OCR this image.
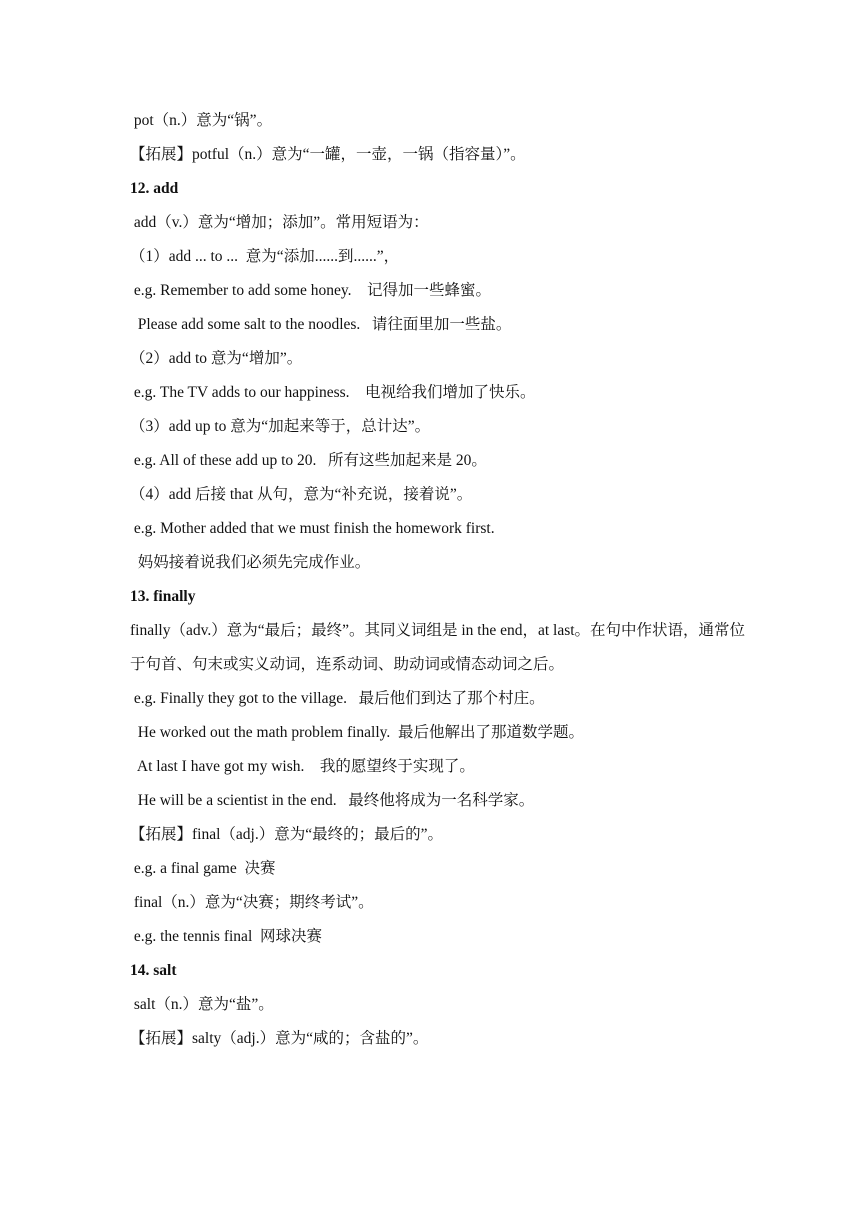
pot（n.）意为“锅”。
【拓展】potful（n.）意为“一罐，一壶，一锅（指容量）”。
12. add
add（v.）意为“增加；添加”。常用短语为：
（1）add ... to ...  意为“添加......到......”，
e.g. Remember to add some honey.    记得加一些蜂蜜。
Please add some salt to the noodles.   请往面里加一些盐。
（2）add to 意为“增加”。
e.g. The TV adds to our happiness.    电视给我们增加了快乐。
（3）add up to 意为“加起来等于，总计达”。
e.g. All of these add up to 20.   所有这些加起来是 20。
（4）add 后接 that 从句，意为“补充说，接着说”。
e.g. Mother added that we must finish the homework first.
妈妈接着说我们必须先完成作业。
13. finally
finally（adv.）意为“最后；最终”。其同义词组是 in the end，at last。在句中作状语，通常位于句首、句末或实义动词，连系动词、助动词或情态动词之后。
e.g. Finally they got to the village.   最后他们到达了那个村庄。
He worked out the math problem finally.  最后他解出了那道数学题。
At last I have got my wish.    我的愿望终于实现了。
He will be a scientist in the end.   最终他将成为一名科学家。
【拓展】final（adj.）意为“最终的；最后的”。
e.g. a final game  决赛
final（n.）意为“决赛；期终考试”。
e.g. the tennis final  网球决赛
14. salt
salt（n.）意为“盐”。
【拓展】salty（adj.）意为“咸的；含盐的”。
